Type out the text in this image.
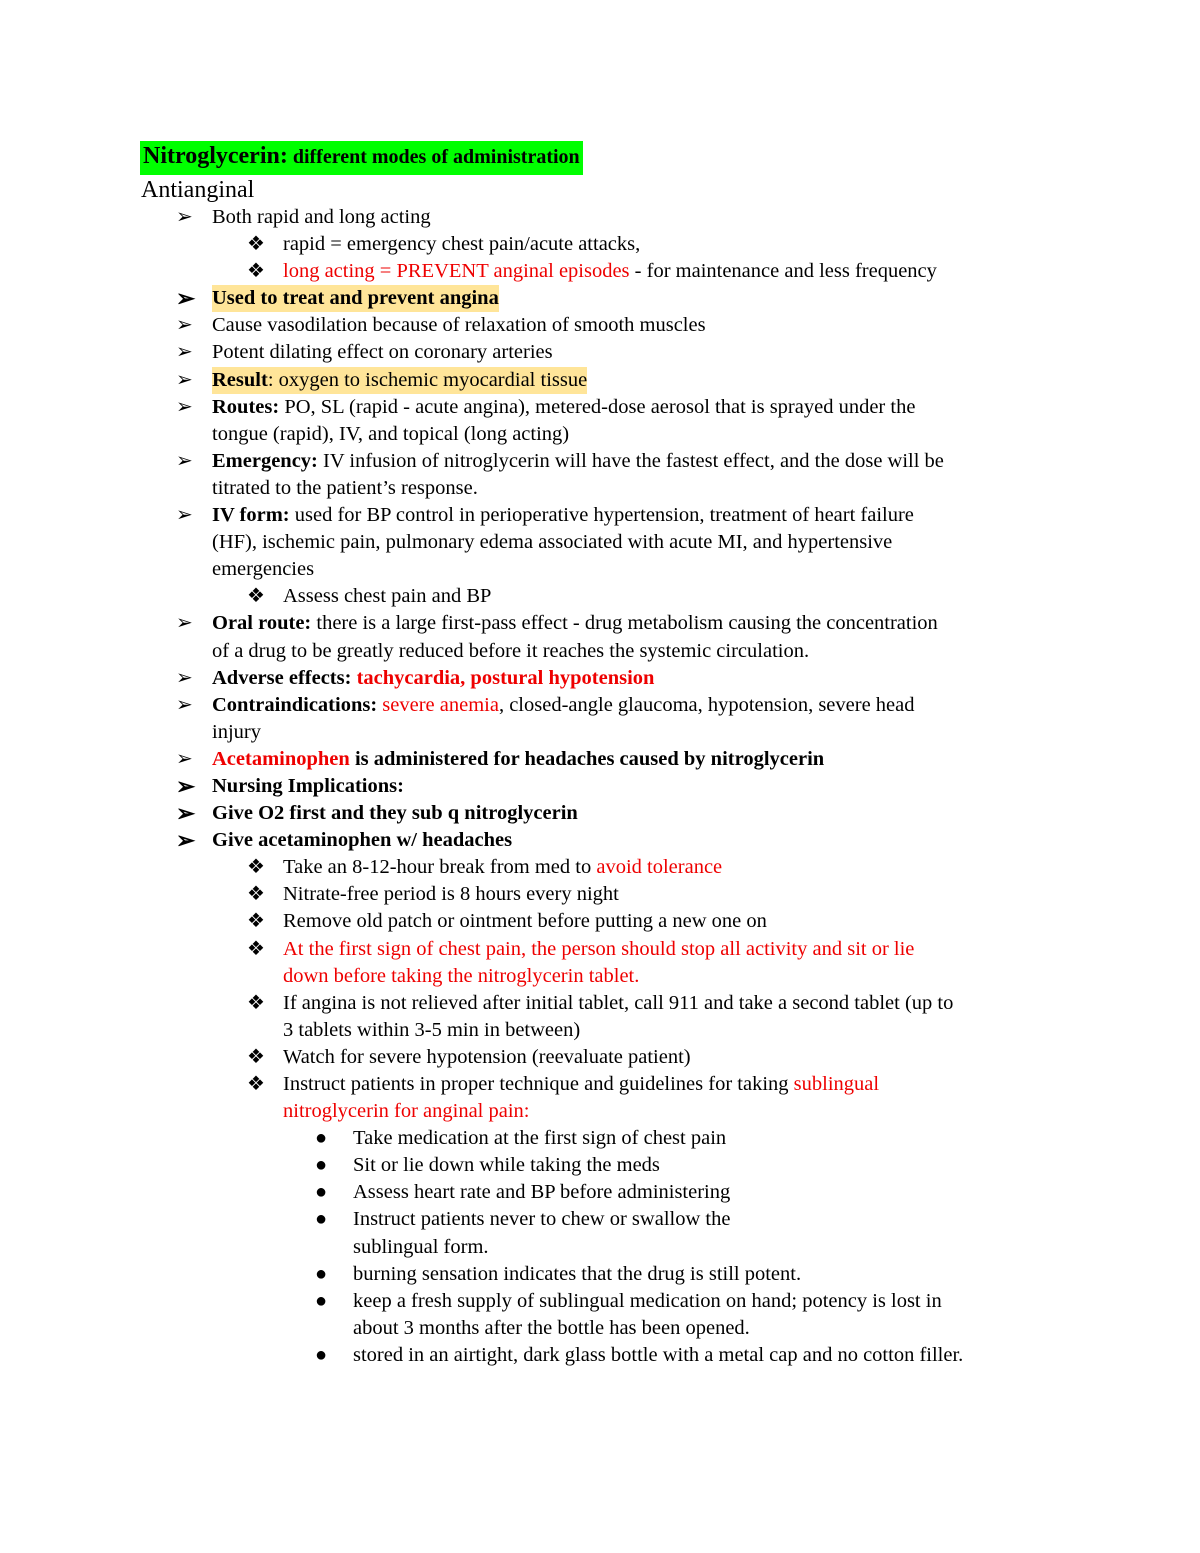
Nitroglycerin: different modes of administration
Antianginal
➢ Both rapid and long acting
❖ rapid = emergency chest pain/acute attacks,
❖ long acting = PREVENT anginal episodes - for maintenance and less frequency
➢ Used to treat and prevent angina
➢ Cause vasodilation because of relaxation of smooth muscles
➢ Potent dilating effect on coronary arteries
➢ Result: oxygen to ischemic myocardial tissue
➢ Routes: PO, SL (rapid - acute angina), metered-dose aerosol that is sprayed under the
tongue (rapid), IV, and topical (long acting)
➢ Emergency: IV infusion of nitroglycerin will have the fastest effect, and the dose will be
titrated to the patient’s response.
➢ IV form: used for BP control in perioperative hypertension, treatment of heart failure
(HF), ischemic pain, pulmonary edema associated with acute MI, and hypertensive
emergencies
❖ Assess chest pain and BP
➢ Oral route: there is a large first-pass effect - drug metabolism causing the concentration
of a drug to be greatly reduced before it reaches the systemic circulation.
➢ Adverse effects: tachycardia, postural hypotension
➢ Contraindications: severe anemia, closed-angle glaucoma, hypotension, severe head
injury
➢ Acetaminophen is administered for headaches caused by nitroglycerin
➢ Nursing Implications:
➢ Give O2 first and they sub q nitroglycerin
➢ Give acetaminophen w/ headaches
❖ Take an 8-12-hour break from med to avoid tolerance
❖ Nitrate-free period is 8 hours every night
❖ Remove old patch or ointment before putting a new one on
❖ At the first sign of chest pain, the person should stop all activity and sit or lie
down before taking the nitroglycerin tablet.
❖ If angina is not relieved after initial tablet, call 911 and take a second tablet (up to
3 tablets within 3-5 min in between)
❖ Watch for severe hypotension (reevaluate patient)
❖ Instruct patients in proper technique and guidelines for taking sublingual
nitroglycerin for anginal pain:
● Take medication at the first sign of chest pain
● Sit or lie down while taking the meds
● Assess heart rate and BP before administering
● Instruct patients never to chew or swallow the
sublingual form.
● burning sensation indicates that the drug is still potent.
● keep a fresh supply of sublingual medication on hand; potency is lost in
about 3 months after the bottle has been opened.
● stored in an airtight, dark glass bottle with a metal cap and no cotton filler.
